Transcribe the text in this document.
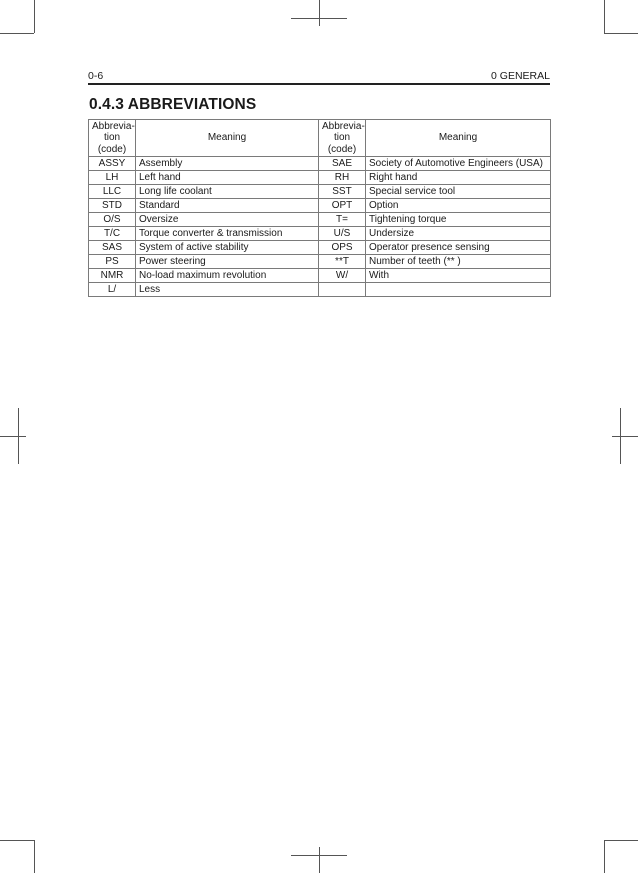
0-6	0 GENERAL
0.4.3 ABBREVIATIONS
Abbrevia-
tion
(code)	Meaning	Abbrevia-
tion
(code)	Meaning
ASSY	Assembly	SAE	Society of Automotive Engineers (USA)
LH	Left hand	RH	Right hand
LLC	Long life coolant	SST	Special service tool
STD	Standard	OPT	Option
O/S	Oversize	T=	Tightening torque
T/C	Torque converter & transmission	U/S	Undersize
SAS	System of active stability	OPS	Operator presence sensing
PS	Power steering	**T	Number of teeth (** )
NMR	No-load maximum revolution	W/	With
L/	Less		
